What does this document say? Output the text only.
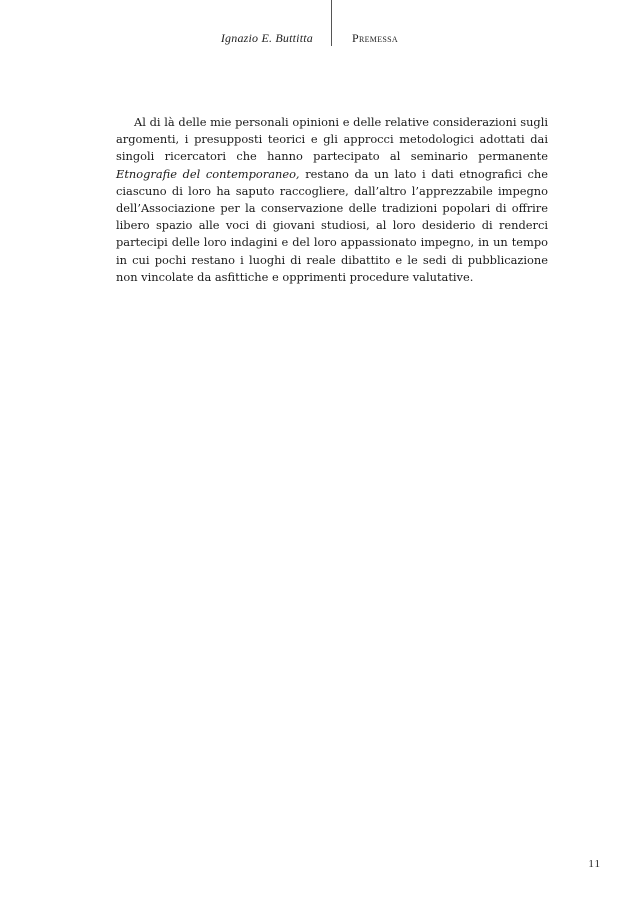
Ignazio E. Buttitta	Premessa

Al di là delle mie personali opinioni e delle relative considerazioni sugli argomenti, i presupposti teorici e gli approcci metodologici adottati dai singoli ricercatori che hanno partecipato al seminario permanente Etnografie del contemporaneo, restano da un lato i dati etnografici che ciascuno di loro ha saputo raccogliere, dall’altro l’apprezzabile impegno dell’Associazione per la conservazione delle tradizioni popolari di offrire libero spazio alle voci di giovani studiosi, al loro desiderio di renderci partecipi delle loro indagini e del loro appassionato impegno, in un tempo in cui pochi restano i luoghi di reale dibattito e le sedi di pubblicazione non vincolate da asfittiche e opprimenti procedure valutative.

11
